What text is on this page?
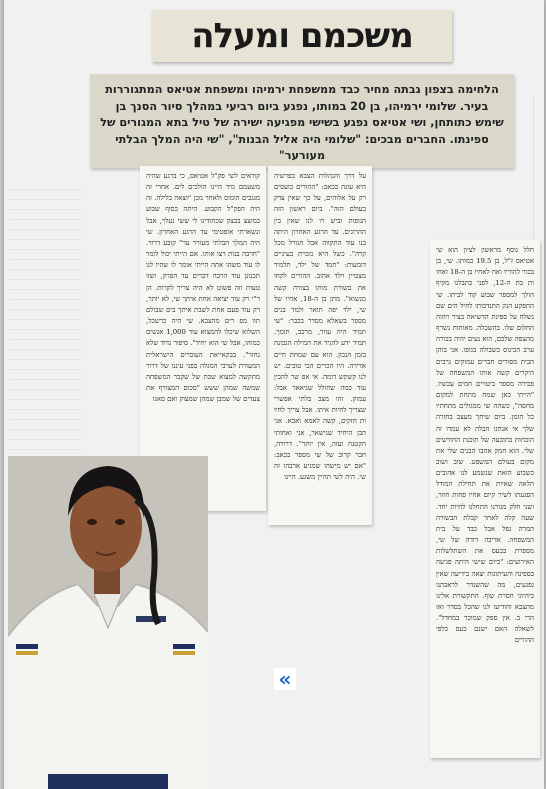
משכמם ומעלה
הלחימה בצפון גבתה מחיר כבד ממשפחת ירמיהו ומשפחת אטיאס המתגוררות בעיר. שלומי ירמיהו, בן 20 במותו, נפגע ביום רביעי במהלך סיור הסנך בן שימש כתותחן, ושי אטיאס נפגע בשישי מפגיעה ישירה של טיל בתא המגורים של ספינתו. החברים מבכים: "שלומי היה אליל הבנות", "שי היה המלך הבלתי מעורער"

על דרך והנהלות הצבא בפרשיה היא עונה בכאב: "ההורים כועסים רק על אלוהים, על כך שאין צדק בעולם הזה". ביום ראשון הזה הגופות וביש רו לנו שאין בין ההרוגים. עד הרגע האחרון היתה בנו עוד התקווה אבל הגורל מכל קרה". כשל היא נזכרת בעיניים דומעות: "חמד של ילד, תלמיד מצטיין וילד אהוב. ההורים לקחו את בשורת מותו בצורה קשה מנשוא". מתן בן ה-18, אחיו של שי, ילד יפה תואר ולמד בגים מספר בשאלא מסדר בכבר: "שי תמיד היה עוזר, מרכב, תומך. תמיד ידע להגיד את המילה הנכונה בזמן הנכון. הוא עם שמחת חיים אדירה. היו הכרים הכי טובים. יש לנו קשקש דומה. אי אפ שר להכין עוד כמה שחולל שניאאר אבל: עמוק. זהו מצב בלתי אפשרי שצריך לחיות איתו. אבל צריך לחיו ות חזקים, קשה לאמא ואבא. אני הבן היחיד שנישאר, אני ואחותי הקטנה ועזה, אין יותר". דרורה, חבר קרוב של שי מספר בכאב: "אם יש מישהו שמגיע ארבהו זה שי. היה לשי תהיין משגע. היינו

קוראים לשי פק"ל אטיאס, כי ברגע שהיה משעמם מיד היינו הולכים לים. אחרי זה מגגבים הומוס ולאחר מכן 'יוצאה בלילה. זה היה הפק"ל הקבוע. היתה כסוף שבוע במוצצ בבצק שכחודינו לי ששי נעלר, אבל ונשארתי אופטימי עד הרגע האחרון. שי היה המלך הבלתי מעורר ער" קובע דרור. "חרבה בנות רצו אותו. אם הייתי יכול לומר לו עוד משהו אתה הייתי אומר לו שהיו לנו תכנונן עוד הרבה דברים עד הפרק, ושזו טעות וזה פשוט לא היה צריך לקרות. הן ר"י רק עוד יציאה אחת איתך שי, לא יותר, רק עוד פעם אחת לשבת איתך בים שבולם תוו מפ רים מהצבא. שי היה כרשכל, השלוא שיכלו להמצוא עוד 1,000 אנשים כמוהו, אבל שי הוא יחיד". סיפור גדוד שלא נחזר". בבקאייאת העוברים הישראלית המעורת לערבי המגלה בפני עיננו של דרור מתקשה למצוא שכת של שקבר המשפחה שמשה שמהן ששש "סכום המצורף את צעדים של שמבן שמהן שמצוק ואם סאגו

חלל נוסף מראשון לציון הוא שי אטיאס ז"ל, בן 19.5 במותו. שי, בן בכור להוריו ואח לאחיו בן ה-18 ואחו ות בת ה-12, לפני כתבלנו מקיף הולך למספר שבוע קוד לביתו. שי התפקע הנק התנדבותו לחיל הים שם נשלח על ספינת הדשיאה בציר ויהוה החלום שלו. בהשכלה. מאותות נשרף מהצפה שלכם, הוא נעים יהיה בכורה ערב הכינוס כשבולה בגופו. אני בוהן הבית מסורים חברים עמוקים גרבים היקרים קשה אותו המשפחה של פכירה מספר ביטויים חמים עכשיו. "הייתי כאן שמח מתחת למקום מחסה", כשהה שי ממגולים מתחתיו כל הזמן. ביום שיחך מעצב בחזרה שלך אי אנחנו הבלה לא עמדו זה הוכחות בתובעה של תוכנת החודשים שלי. הוא חמק אהבו הבנים שלי את מקום בעולם המשפט. שוב ושוב כשבוע הזאת שנשמע לנו אהובים הלאה שאיות את תחילת המודל הפגעתו לשיר קיום אחיו פחות חוזר, ושני חלק מגורנו התחלנו לחיות יחד. שעה קלה לאחר קבלת הבשורה המרה נפל אבל כבד על בית המשפחה. אדיבה דודה של שי, מספרת בכעס את השתלשלות האירועים: "ביום שישי היתה פגיעה בספינה והעיתונות יצאה בידיעה שאין נפגעים, מה שהשגדר לראבהנו כיהיוני חסרת שוף. התקשורת אלינו מהצבא והודיעו לנו שהכל בסדר ואז הרי ב. אין ספק שמוכר במחדל". לשאלה האם ישנם כעס כלפי ההורים

«
